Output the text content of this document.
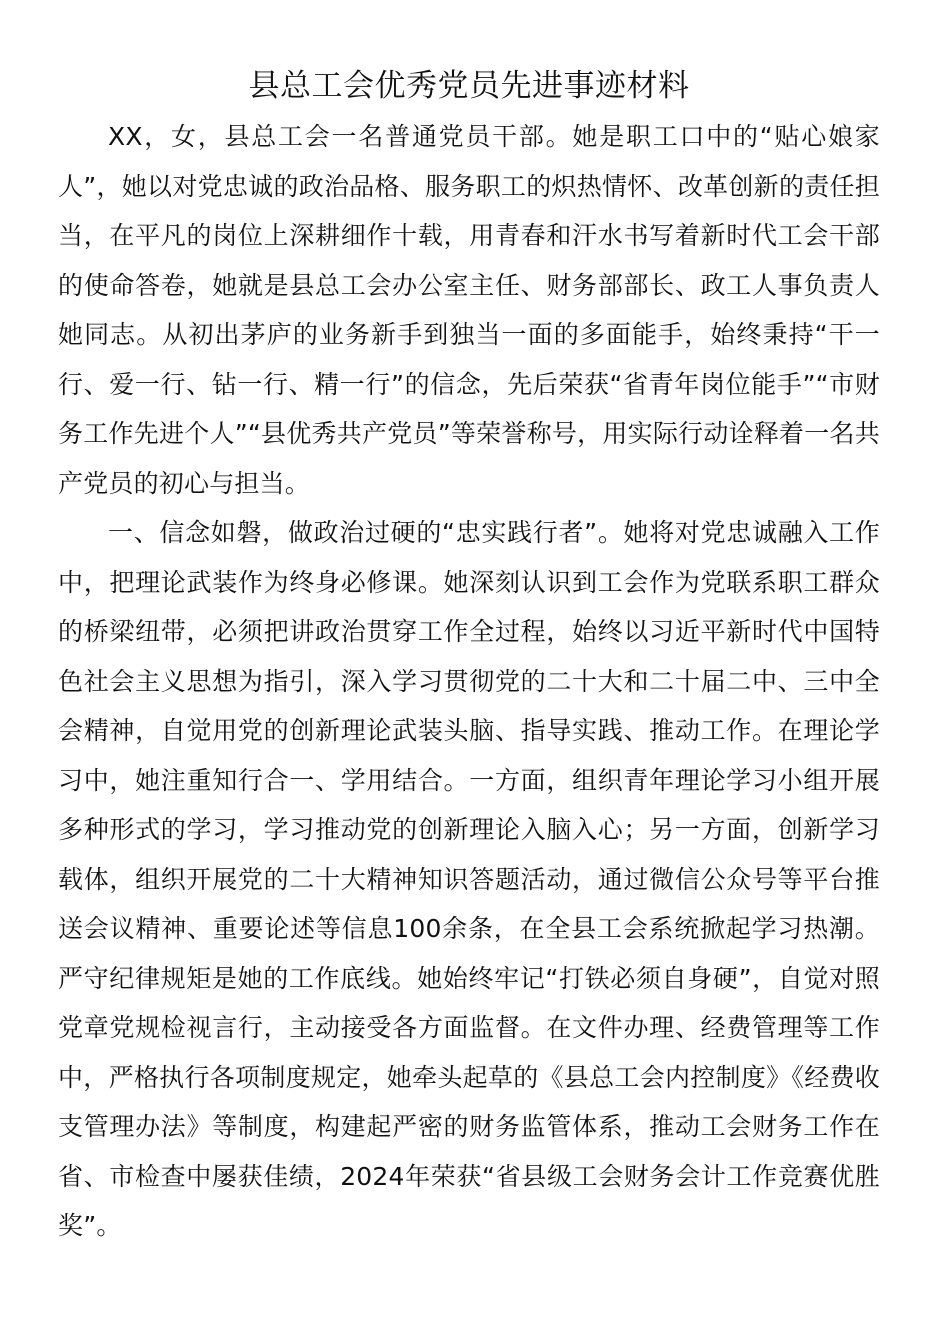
县总工会优秀党员先进事迹材料

XX，女，县总工会一名普通党员干部。她是职工口中的“贴心娘家人”，她以对党忠诚的政治品格、服务职工的炽热情怀、改革创新的责任担当，在平凡的岗位上深耕细作十载，用青春和汗水书写着新时代工会干部的使命答卷，她就是县总工会办公室主任、财务部部长、政工人事负责人她同志。从初出茅庐的业务新手到独当一面的多面能手，始终秉持“干一行、爱一行、钻一行、精一行”的信念，先后荣获“省青年岗位能手”“市财务工作先进个人”“县优秀共产党员”等荣誉称号，用实际行动诠释着一名共产党员的初心与担当。

一、信念如磐，做政治过硬的“忠实践行者”。她将对党忠诚融入工作中，把理论武装作为终身必修课。她深刻认识到工会作为党联系职工群众的桥梁纽带，必须把讲政治贯穿工作全过程，始终以习近平新时代中国特色社会主义思想为指引，深入学习贯彻党的二十大和二十届二中、三中全会精神，自觉用党的创新理论武装头脑、指导实践、推动工作。在理论学习中，她注重知行合一、学用结合。一方面，组织青年理论学习小组开展多种形式的学习，学习推动党的创新理论入脑入心；另一方面，创新学习载体，组织开展党的二十大精神知识答题活动，通过微信公众号等平台推送会议精神、重要论述等信息100余条，在全县工会系统掀起学习热潮。严守纪律规矩是她的工作底线。她始终牢记“打铁必须自身硬”，自觉对照党章党规检视言行，主动接受各方面监督。在文件办理、经费管理等工作中，严格执行各项制度规定，她牵头起草的《县总工会内控制度》《经费收支管理办法》等制度，构建起严密的财务监管体系，推动工会财务工作在省、市检查中屡获佳绩，2024年荣获“省县级工会财务会计工作竞赛优胜奖”。
